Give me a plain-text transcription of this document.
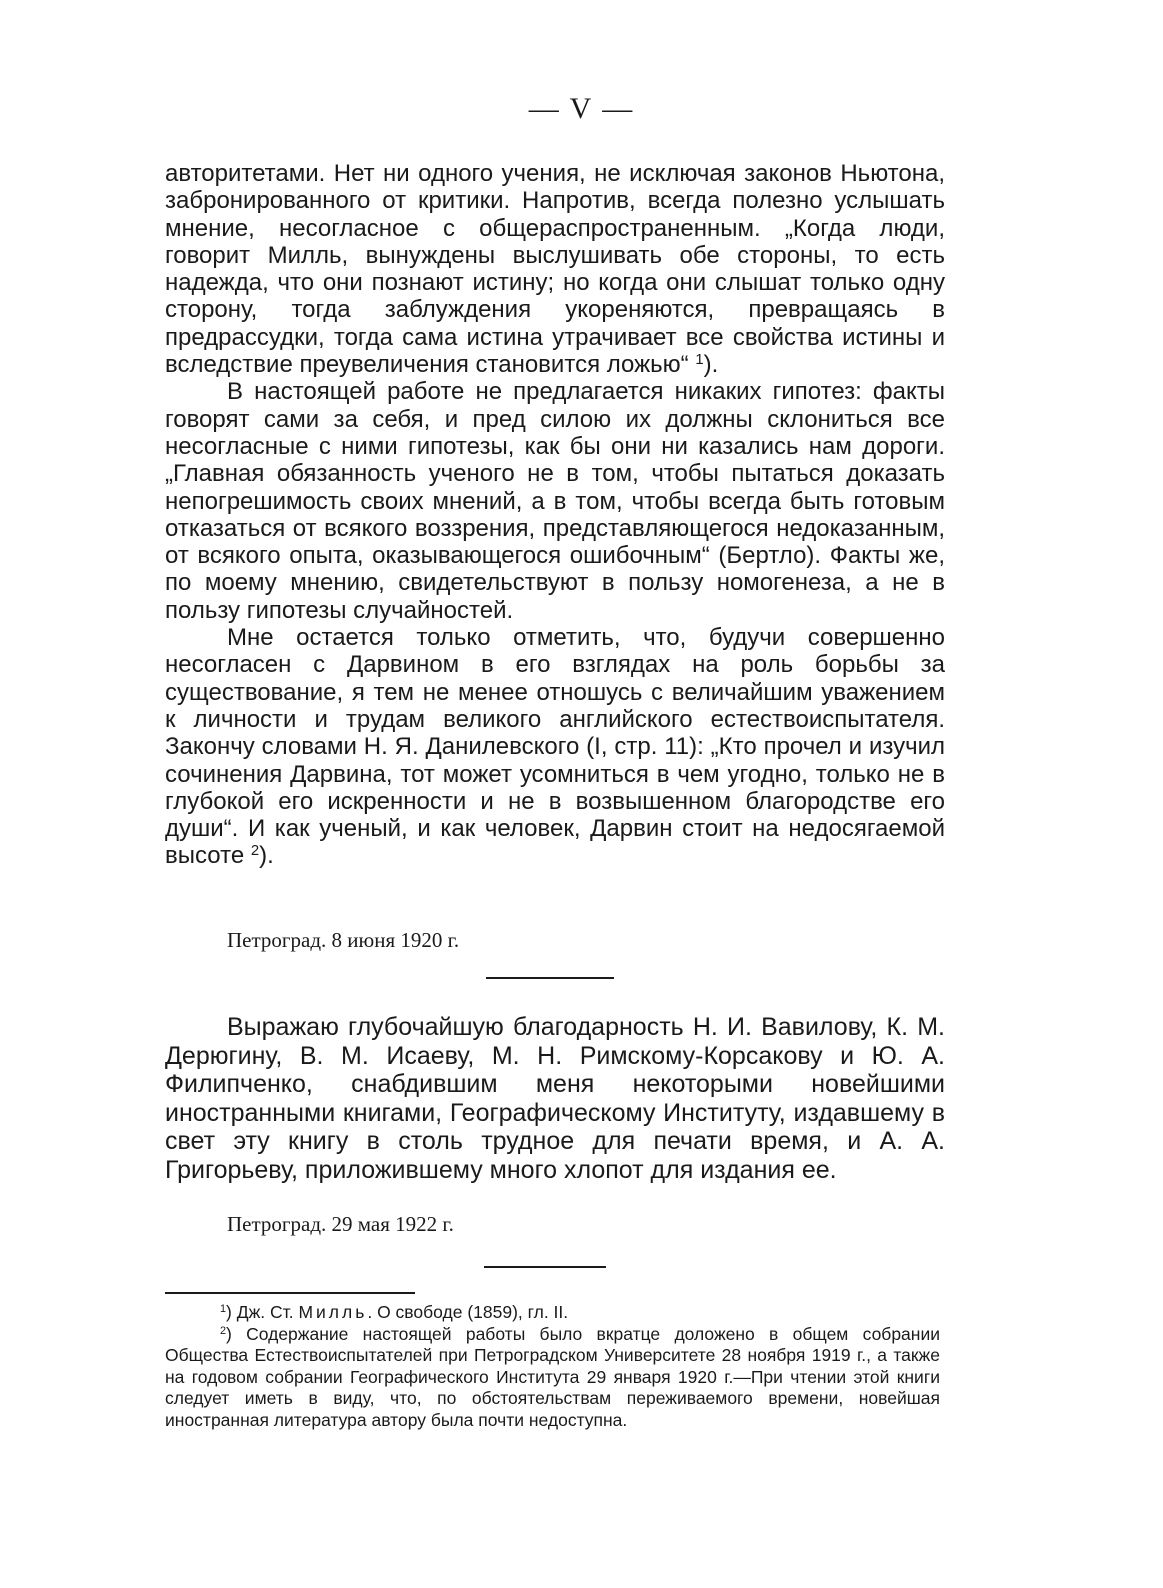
— V —

авторитетами. Нет ни одного учения, не исключая законов Ньютона, забронированного от критики. Напротив, всегда полезно услышать мнение, несогласное с общераспространенным. „Когда люди, говорит Милль, вынуждены выслушивать обе стороны, то есть надежда, что они познают истину; но когда они слышат только одну сторону, тогда заблуждения укореняются, превращаясь в предрассудки, тогда сама истина утрачивает все свойства истины и вследствие преувеличения становится ложью“ $^1$).

В настоящей работе не предлагается никаких гипотез: факты говорят сами за себя, и пред силою их должны склониться все несогласные с ними гипотезы, как бы они ни казались нам дороги. „Главная обязанность ученого не в том, чтобы пытаться доказать непогрешимость своих мнений, а в том, чтобы всегда быть готовым отказаться от всякого воззрения, представляющегося недоказанным, от всякого опыта, оказывающегося ошибочным“ (Бертло). Факты же, по моему мнению, свидетельствуют в пользу номогенеза, а не в пользу гипотезы случайностей.

Мне остается только отметить, что, будучи совершенно несогласен с Дарвином в его взглядах на роль борьбы за существование, я тем не менее отношусь с величайшим уважением к личности и трудам великого английского естествоиспытателя. Закончу словами Н. Я. Данилевского (I, стр. 11): „Кто прочел и изучил сочинения Дарвина, тот может усомниться в чем угодно, только не в глубокой его искренности и не в возвышенном благородстве его души“. И как ученый, и как человек, Дарвин стоит на недосягаемой высоте $^2$).

Петроград. 8 июня 1920 г.

Выражаю глубочайшую благодарность Н. И. Вавилову, К. М. Дерюгину, В. М. Исаеву, М. Н. Римскому-Корсакову и Ю. А. Филипченко, снабдившим меня некоторыми новейшими иностранными книгами, Географическому Институту, издавшему в свет эту книгу в столь трудное для печати время, и А. А. Григорьеву, приложившему много хлопот для издания ее.

Петроград. 29 мая 1922 г.

$^1$) Дж. Ст. Милль. О свободе (1859), гл. II.

$^2$) Содержание настоящей работы было вкратце доложено в общем собрании Общества Естествоиспытателей при Петроградском Университете 28 ноября 1919 г., а также на годовом собрании Географического Института 29 января 1920 г.—При чтении этой книги следует иметь в виду, что, по обстоятельствам переживаемого времени, новейшая иностранная литература автору была почти недоступна.
